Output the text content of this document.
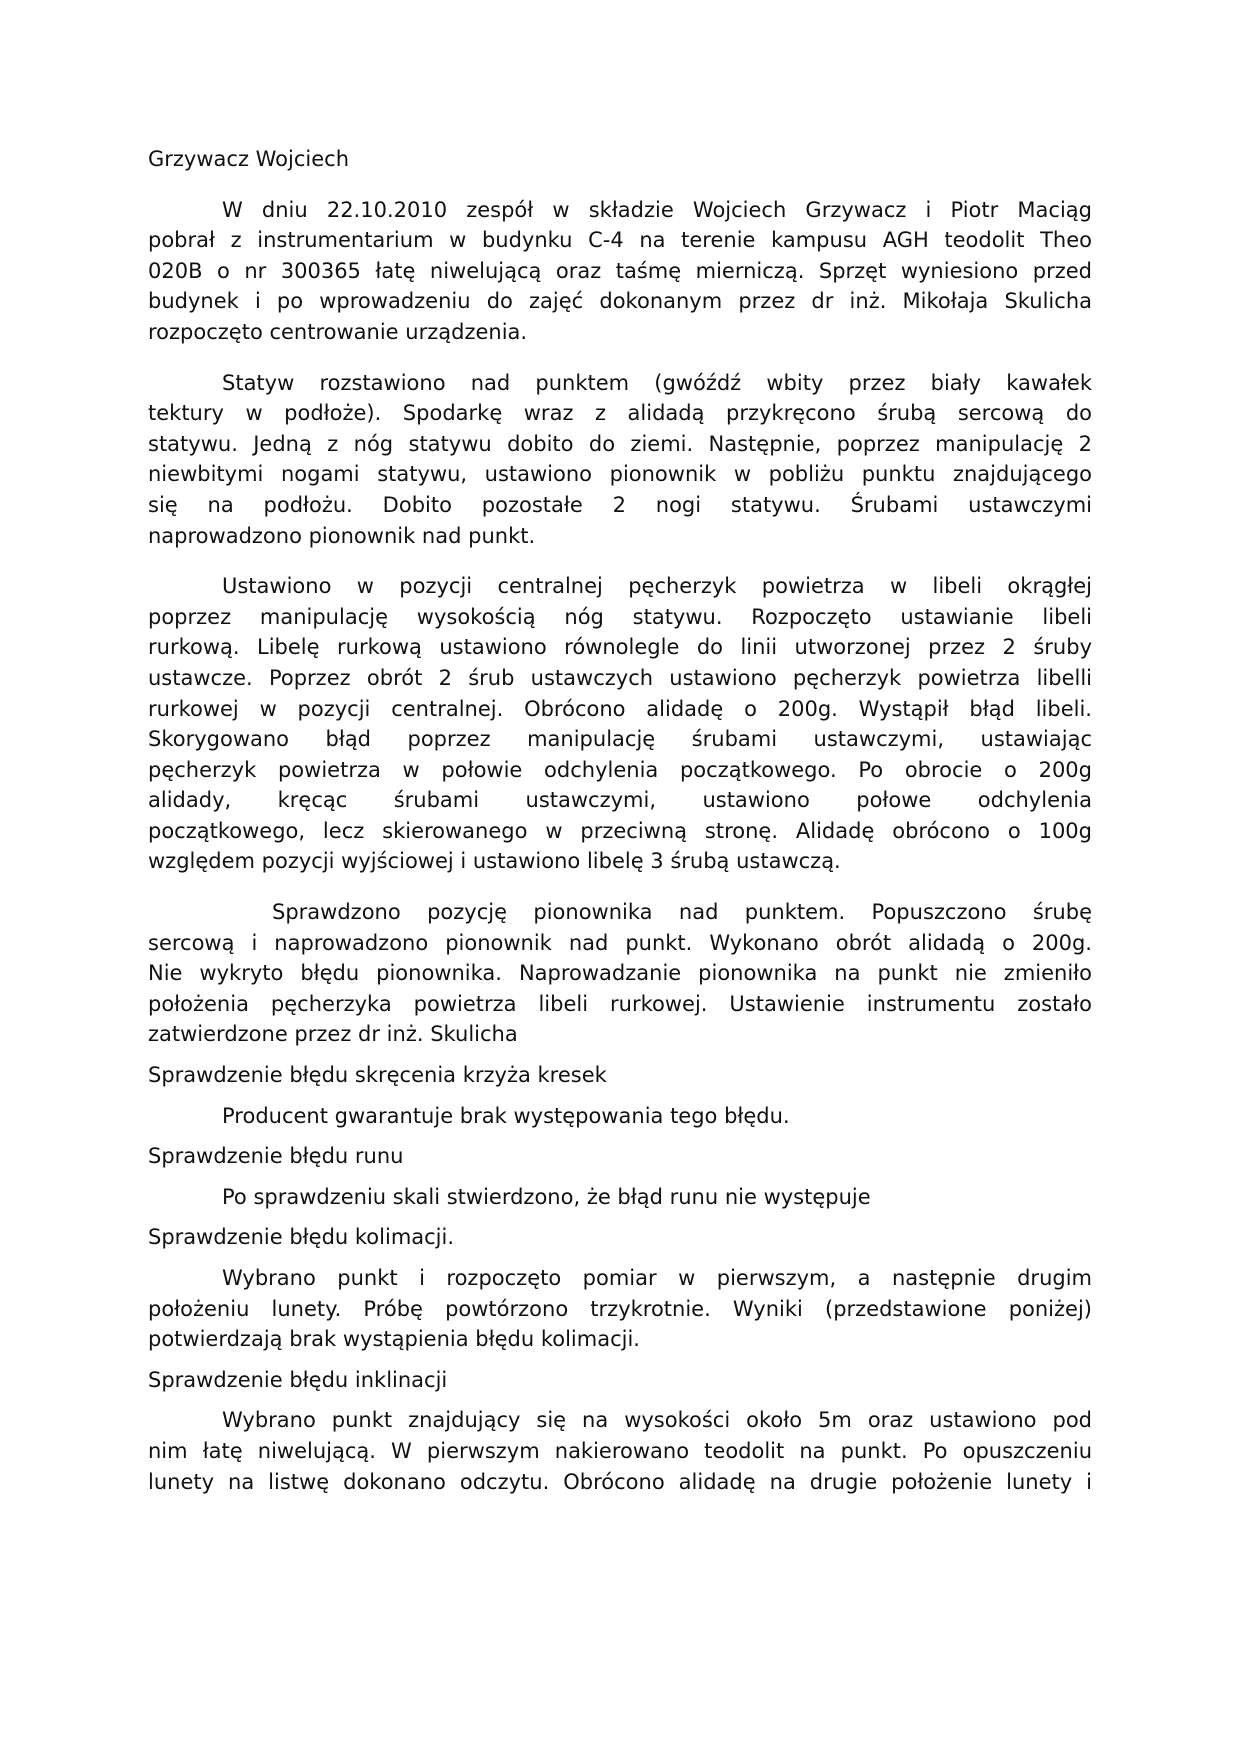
Grzywacz Wojciech
W dniu 22.10.2010 zespół w składzie Wojciech Grzywacz i Piotr Maciąg
pobrał z instrumentarium w budynku C-4 na terenie kampusu AGH teodolit Theo
020B o nr 300365 łatę niwelującą oraz taśmę mierniczą. Sprzęt wyniesiono przed
budynek i po wprowadzeniu do zajęć dokonanym przez dr inż. Mikołaja Skulicha
rozpoczęto centrowanie urządzenia.
Statyw rozstawiono nad punktem (gwóźdź wbity przez biały kawałek
tektury w podłoże). Spodarkę wraz z alidadą przykręcono śrubą sercową do
statywu. Jedną z nóg statywu dobito do ziemi. Następnie, poprzez manipulację 2
niewbitymi nogami statywu, ustawiono pionownik w pobliżu punktu znajdującego
się na podłożu. Dobito pozostałe 2 nogi statywu. Śrubami ustawczymi
naprowadzono pionownik nad punkt.
Ustawiono w pozycji centralnej pęcherzyk powietrza w libeli okrągłej
poprzez manipulację wysokością nóg statywu. Rozpoczęto ustawianie libeli
rurkową. Libelę rurkową ustawiono równolegle do linii utworzonej przez 2 śruby
ustawcze. Poprzez obrót 2 śrub ustawczych ustawiono pęcherzyk powietrza libelli
rurkowej w pozycji centralnej. Obrócono alidadę o 200g. Wystąpił błąd libeli.
Skorygowano błąd poprzez manipulację śrubami ustawczymi, ustawiając
pęcherzyk powietrza w połowie odchylenia początkowego. Po obrocie o 200g
alidady, kręcąc śrubami ustawczymi, ustawiono połowe odchylenia
początkowego, lecz skierowanego w przeciwną stronę. Alidadę obrócono o 100g
względem pozycji wyjściowej i ustawiono libelę 3 śrubą ustawczą.
Sprawdzono pozycję pionownika nad punktem. Popuszczono śrubę
sercową i naprowadzono pionownik nad punkt. Wykonano obrót alidadą o 200g.
Nie wykryto błędu pionownika. Naprowadzanie pionownika na punkt nie zmieniło
położenia pęcherzyka powietrza libeli rurkowej. Ustawienie instrumentu zostało
zatwierdzone przez dr inż. Skulicha
Sprawdzenie błędu skręcenia krzyża kresek
Producent gwarantuje brak występowania tego błędu.
Sprawdzenie błędu runu
Po sprawdzeniu skali stwierdzono, że błąd runu nie występuje
Sprawdzenie błędu kolimacji.
Wybrano punkt i rozpoczęto pomiar w pierwszym, a następnie drugim
położeniu lunety. Próbę powtórzono trzykrotnie. Wyniki (przedstawione poniżej)
potwierdzają brak wystąpienia błędu kolimacji.
Sprawdzenie błędu inklinacji
Wybrano punkt znajdujący się na wysokości około 5m oraz ustawiono pod
nim łatę niwelującą. W pierwszym nakierowano teodolit na punkt. Po opuszczeniu
lunety na listwę dokonano odczytu. Obrócono alidadę na drugie położenie lunety i
